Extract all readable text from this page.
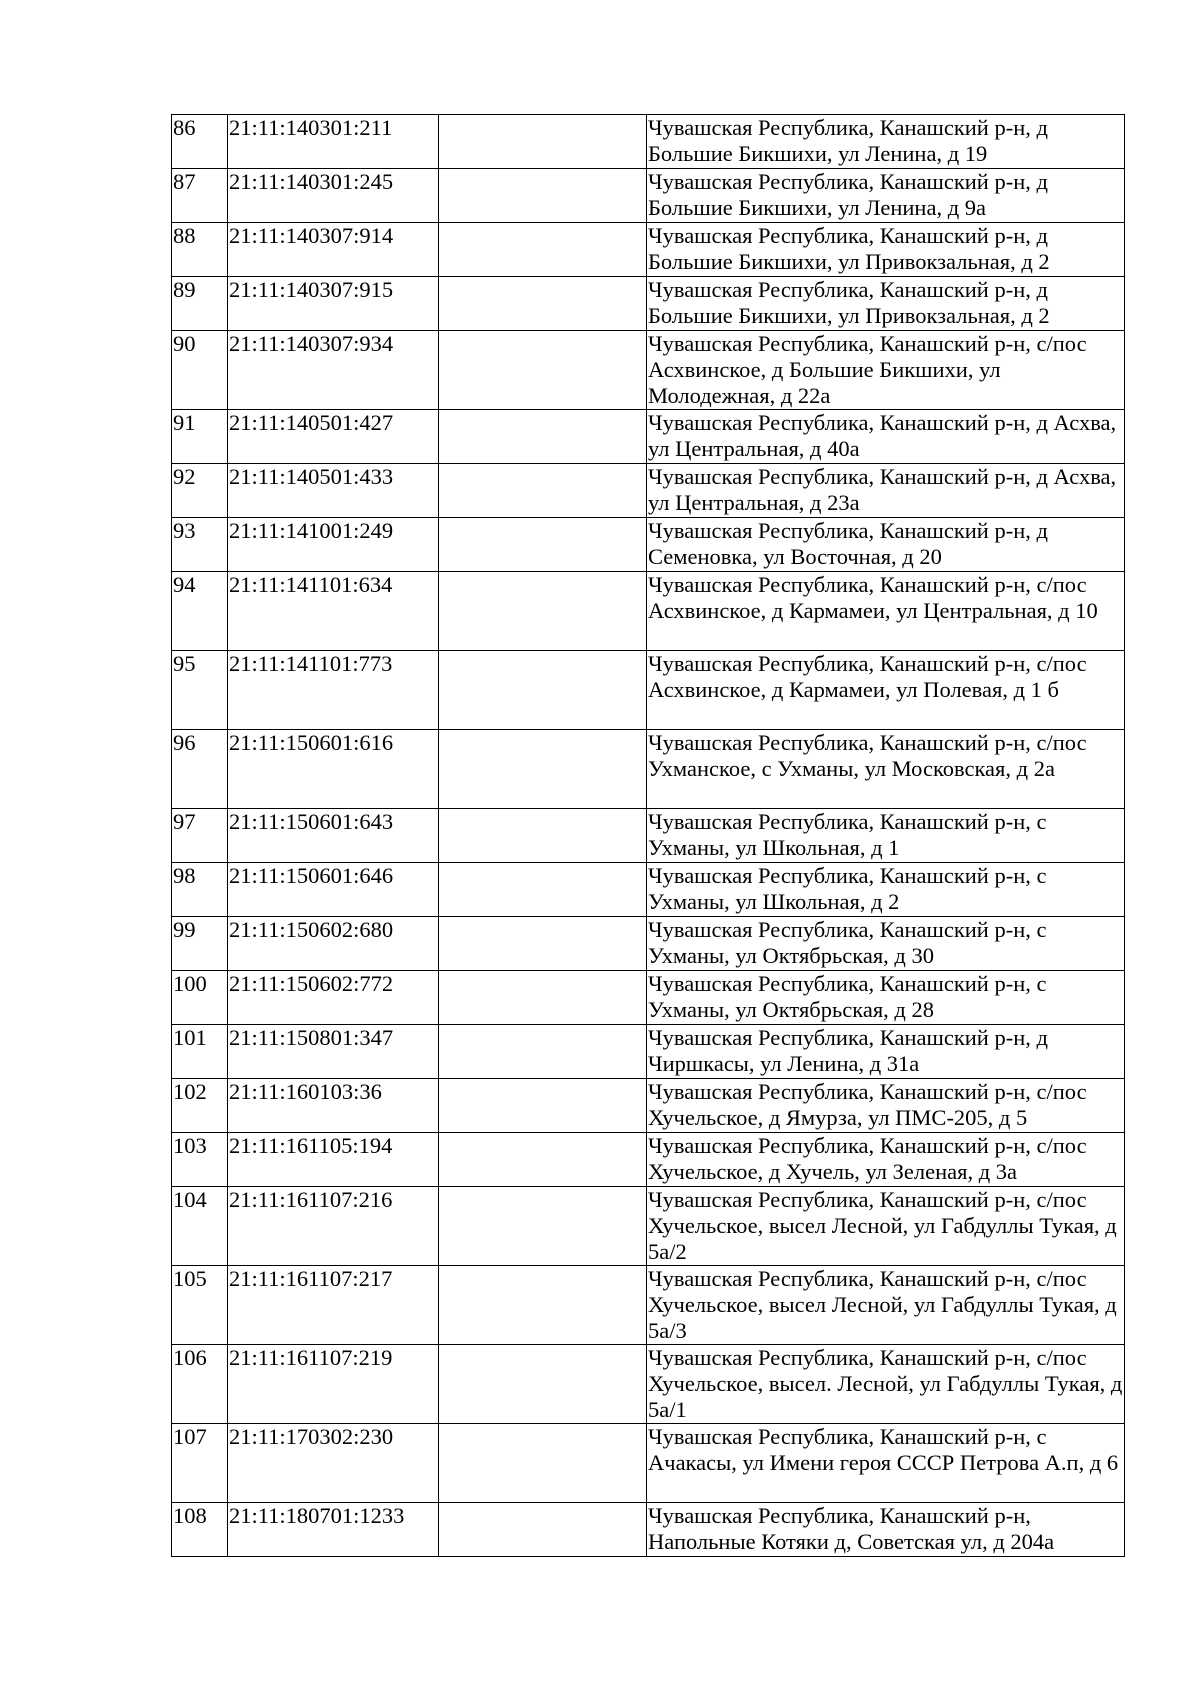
86	21:11:140301:211		Чувашская Республика, Канашский р-н, д Большие Бикшихи, ул Ленина, д 19
87	21:11:140301:245		Чувашская Республика, Канашский р-н, д Большие Бикшихи, ул Ленина, д 9а
88	21:11:140307:914		Чувашская Республика, Канашский р-н, д Большие Бикшихи, ул Привокзальная, д 2
89	21:11:140307:915		Чувашская Республика, Канашский р-н, д Большие Бикшихи, ул Привокзальная, д 2
90	21:11:140307:934		Чувашская Республика, Канашский р-н, с/пос Асхвинское, д Большие Бикшихи, ул Молодежная, д 22а
91	21:11:140501:427		Чувашская Республика, Канашский р-н, д Асхва, ул Центральная, д 40а
92	21:11:140501:433		Чувашская Республика, Канашский р-н, д Асхва, ул Центральная, д 23а
93	21:11:141001:249		Чувашская Республика, Канашский р-н, д Семеновка, ул Восточная, д 20
94	21:11:141101:634		Чувашская Республика, Канашский р-н, с/пос Асхвинское, д Кармамеи, ул Центральная, д 10
95	21:11:141101:773		Чувашская Республика, Канашский р-н, с/пос Асхвинское, д Кармамеи, ул Полевая, д 1 б
96	21:11:150601:616		Чувашская Республика, Канашский р-н, с/пос Ухманское, с Ухманы, ул Московская, д 2а
97	21:11:150601:643		Чувашская Республика, Канашский р-н, с Ухманы, ул Школьная, д 1
98	21:11:150601:646		Чувашская Республика, Канашский р-н, с Ухманы, ул Школьная, д 2
99	21:11:150602:680		Чувашская Республика, Канашский р-н, с Ухманы, ул Октябрьская, д 30
100	21:11:150602:772		Чувашская Республика, Канашский р-н, с Ухманы, ул Октябрьская, д 28
101	21:11:150801:347		Чувашская Республика, Канашский р-н, д Чиршкасы, ул Ленина, д 31а
102	21:11:160103:36		Чувашская Республика, Канашский р-н, с/пос Хучельское, д Ямурза, ул ПМС-205, д 5
103	21:11:161105:194		Чувашская Республика, Канашский р-н, с/пос Хучельское, д Хучель, ул Зеленая, д 3а
104	21:11:161107:216		Чувашская Республика, Канашский р-н, с/пос Хучельское, высел Лесной, ул Габдуллы Тукая, д 5а/2
105	21:11:161107:217		Чувашская Республика, Канашский р-н, с/пос Хучельское, высел Лесной, ул Габдуллы Тукая, д 5а/3
106	21:11:161107:219		Чувашская Республика, Канашский р-н, с/пос Хучельское, высел. Лесной, ул Габдуллы Тукая, д 5а/1
107	21:11:170302:230		Чувашская Республика, Канашский р-н, с Ачакасы, ул Имени героя СССР Петрова А.п, д 6
108	21:11:180701:1233		Чувашская Республика, Канашский р-н, Напольные Котяки д, Советская ул, д 204а
